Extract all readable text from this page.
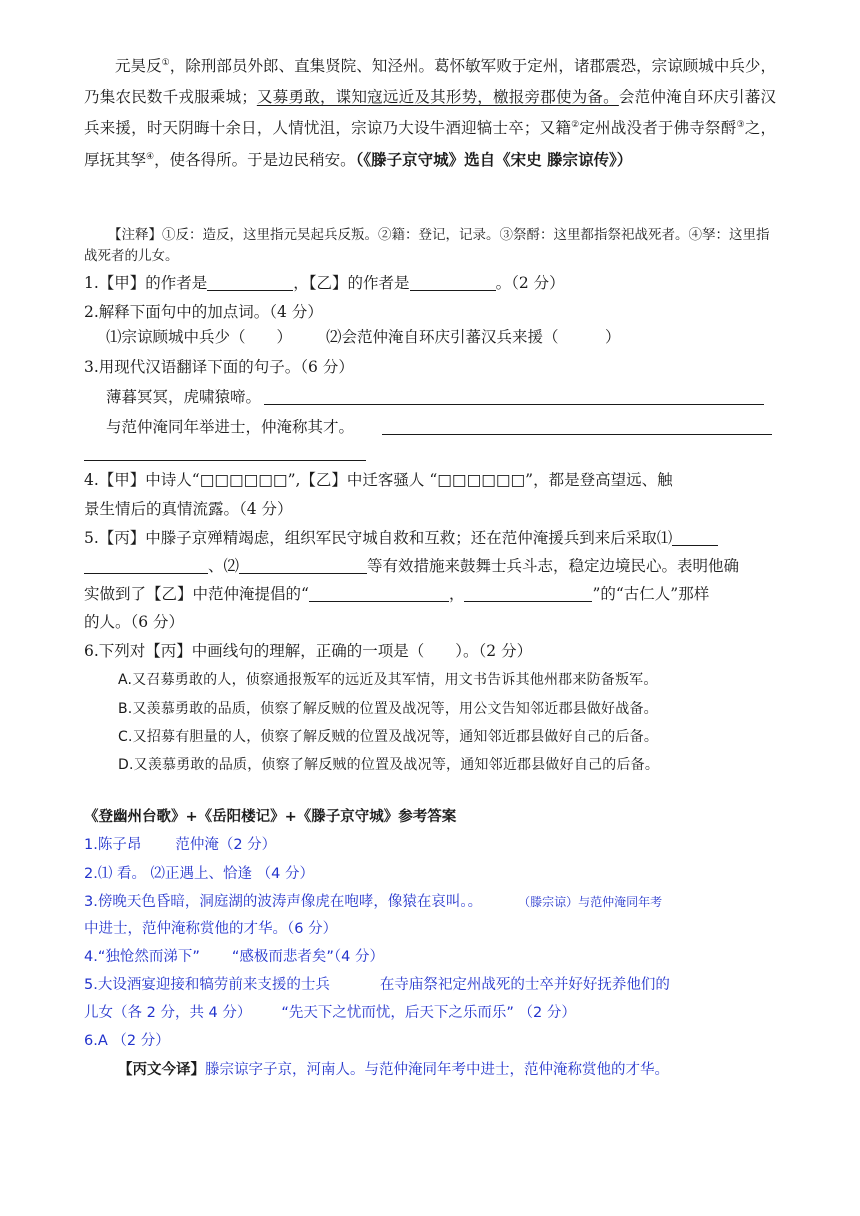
元昊反①，除刑部员外郎、直集贤院、知泾州。葛怀敏军败于定州，诸郡震恐，宗谅顾城中兵少，乃集农民数千戎服乘城；又募勇敢，谍知寇远近及其形势，檄报旁郡使为备。会范仲淹自环庆引蕃汉兵来援，时天阴晦十余日，人情忧沮，宗谅乃大设牛酒迎犒士卒；又籍②定州战没者于佛寺祭酹③之，厚抚其孥④，使各得所。于是边民稍安。（《滕子京守城》选自《宋史 滕宗谅传》）
【注释】①反：造反，这里指元昊起兵反叛。②籍：登记，记录。③祭酹：这里都指祭祀战死者。④孥：这里指战死者的儿女。
1.【甲】的作者是	，【乙】的作者是	。（2 分）
2.解释下面句中的加点词。（4 分）
⑴宗谅顾城中兵少（　　） ⑵会范仲淹自环庆引蕃汉兵来援（　　　）
3.用现代汉语翻译下面的句子。（6 分）
薄暮冥冥，虎啸猿啼。
与范仲淹同年举进士，仲淹称其才。
4.【甲】中诗人“□□□□□□”,【乙】中迁客骚人 “□□□□□□”，都是登高望远、触
景生情后的真情流露。（4 分）
5.【丙】中滕子京殚精竭虑，组织军民守城自救和互救；还在范仲淹援兵到来后采取⑴
、⑵	等有效措施来鼓舞士兵斗志，稳定边境民心。表明他确
实做到了【乙】中范仲淹提倡的“	，	”的“古仁人”那样
的人。（6 分）
6.下列对【丙】中画线句的理解，正确的一项是（　　）。（2 分）
A.又召募勇敢的人，侦察通报叛军的远近及其军情，用文书告诉其他州郡来防备叛军。
B.又羡慕勇敢的品质，侦察了解反贼的位置及战况等，用公文告知邻近郡县做好战备。
C.又招募有胆量的人，侦察了解反贼的位置及战况等，通知邻近郡县做好自己的后备。
D.又羡慕勇敢的品质，侦察了解反贼的位置及战况等，通知邻近郡县做好自己的后备。
《登幽州台歌》+《岳阳楼记》+《滕子京守城》参考答案
1.陈子昂 范仲淹（2 分）
2.⑴ 看。 ⑵正遇上、恰逢 （4 分）
3.傍晚天色昏暗，洞庭湖的波涛声像虎在咆哮，像猿在哀叫。。	（滕宗谅）与范仲淹同年考
中进士，范仲淹称赏他的才华。（6 分）
4.“独怆然而涕下” “感极而悲者矣”（4 分）
5.大设酒宴迎接和犒劳前来支援的士兵	在寺庙祭祀定州战死的士卒并好好抚养他们的
儿女（各 2 分，共 4 分） “先天下之忧而忧，后天下之乐而乐” （2 分）
6.A （2 分）
【丙文今译】滕宗谅字子京，河南人。与范仲淹同年考中进士，范仲淹称赏他的才华。
